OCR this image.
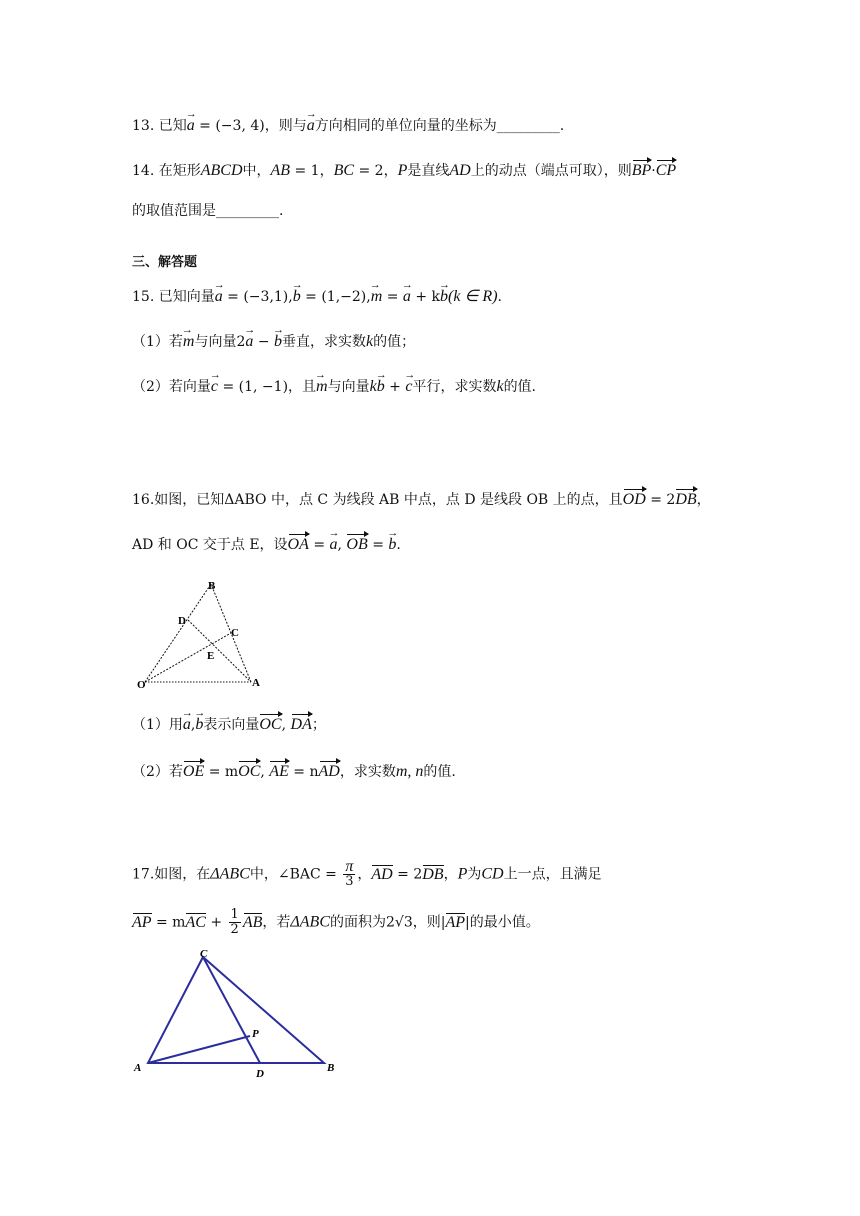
13. 已知a → = (−3, 4)，则与a →方向相同的单位向量的坐标为_________.
14. 在矩形ABCD中，AB = 1，BC = 2，P是直线AD上的动点（端点可取），则BP·CP
的取值范围是_________.
三、解答题
15. 已知向量a → = (−3,1),b → = (1,−2),m → = a → + kb →(k ∈ R).
（1）若m →与向量2a → − b →垂直，求实数k的值；
（2）若向量c → = (1, −1)，且m →与向量kb → + c →平行，求实数k的值.
16.如图，已知ΔABO 中，点 C 为线段 AB 中点，点 D 是线段 OB 上的点，且OD = 2DB，
AD 和 OC 交于点 E，设OA = a →, OB = b →.
B
D
C
E
O	A
（1）用a →,b →表示向量OC, DA；
（2）若OE = mOC, AE = nAD，求实数m, n的值.
17.如图，在ΔABC中，∠BAC = $\frac{\pi}{3}$ ，AD = 2DB，P为CD上一点，且满足
AP = mAC + $\frac{1}{2}$ AB，若ΔABC的面积为2√3，则|AP|的最小值。
C
P
A	D	B
